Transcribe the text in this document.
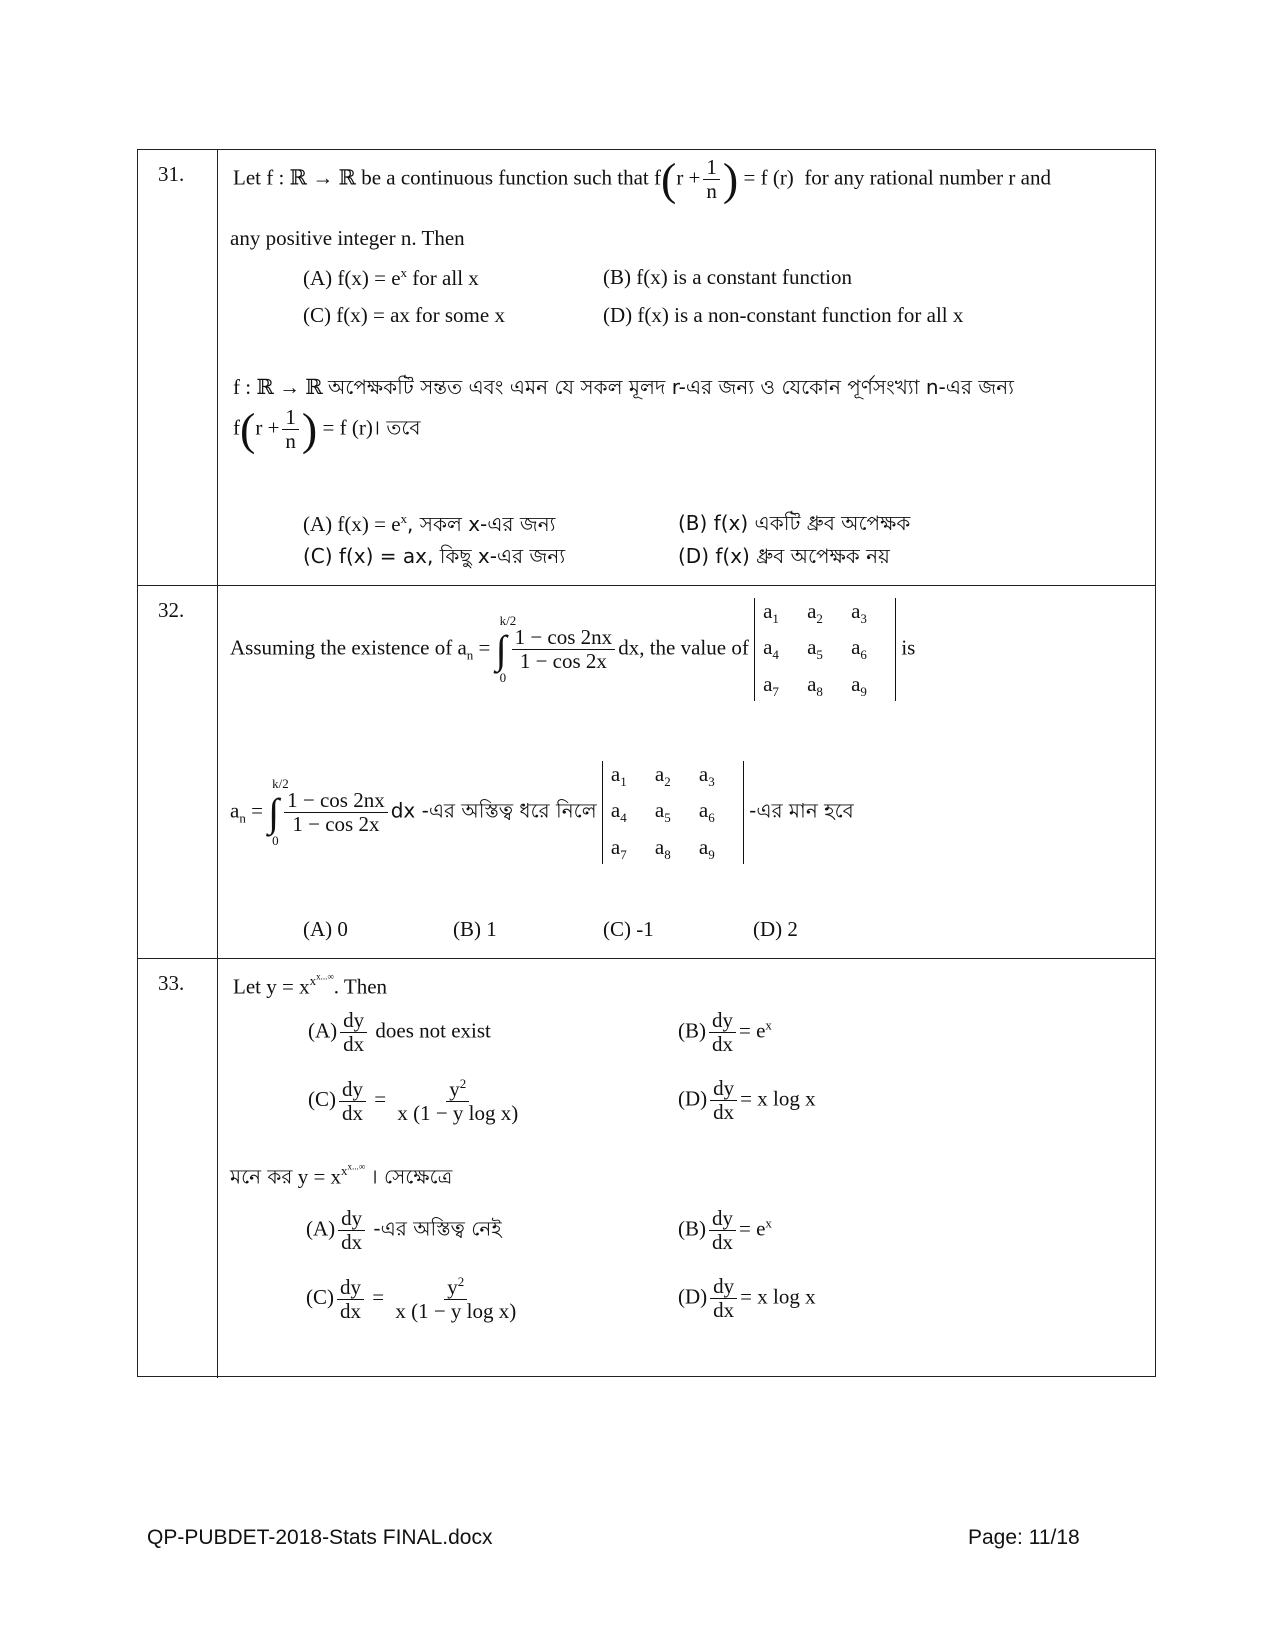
31. Let f : ℝ → ℝ be a continuous function such that $f(r + \frac{1}{n}$ ) = f (r) for any rational number r and
any positive integer n. Then
(A) $f(x) = e^x$ for all x	(B) f(x) is a constant function
(C) f(x) = ax for some x	(D) f(x) is a non-constant function for all x
f : ℝ → ℝ অপেক্ষকটি সন্তত এবং এমন যে সকল মূলদ r-এর জন্য ও যেকোন পূর্ণসংখ্যা n-এর জন্য
$f(r + \frac{1}{n}$ ) = f (r)। তবে
(A) $f(x) = e^x$, সকল x-এর জন্য	(B) f(x) একটি ধ্রুব অপেক্ষক
(C) f(x) = ax, কিছু x-এর জন্য	(D) f(x) ধ্রুব অপেক্ষক নয়
32.
Assuming the existence of $a_n$ = ∫
k/2
0
$\frac{1 - \cos 2nx}{1 - \cos 2x}$ dx, the value of
$a_1$	$a_2$	$a_3$
$a_4$	$a_5$	$a_6$
$a_7$	$a_8$	$a_9$
is
$a_n$ = ∫
k/2
0
$\frac{1 - \cos 2nx}{1 - \cos 2x}$ dx -এর অস্তিত্ব ধরে নিলে
$a_1$	$a_2$	$a_3$
$a_4$	$a_5$	$a_6$
$a_7$	$a_8$	$a_9$
-এর মান হবে
(A) 0	(B) 1	(C) -1	(D) 2
33. Let $y = x^{x^{x...\infty}}$. Then
$(A) \frac{dy}{dx}$ does not exist	$(B) \frac{dy}{dx} = e^x$
$(C) \frac{dy}{dx} = \frac{y^2}{\text{x (1 − y log x)}}$	$(D) \frac{dy}{dx} = x$ log x
মনে কর $y = x^{x^{x...\infty}}$ । সেক্ষেত্রে
$(A) \frac{dy}{dx}$ -এর অস্তিত্ব নেই	$(B) \frac{dy}{dx} = e^x$
$(C) \frac{dy}{dx} = \frac{y^2}{\text{x (1 − y log x)}}$	$(D) \frac{dy}{dx} = x$ log x
QP-PUBDET-2018-Stats FINAL.docx	Page: 11/18
